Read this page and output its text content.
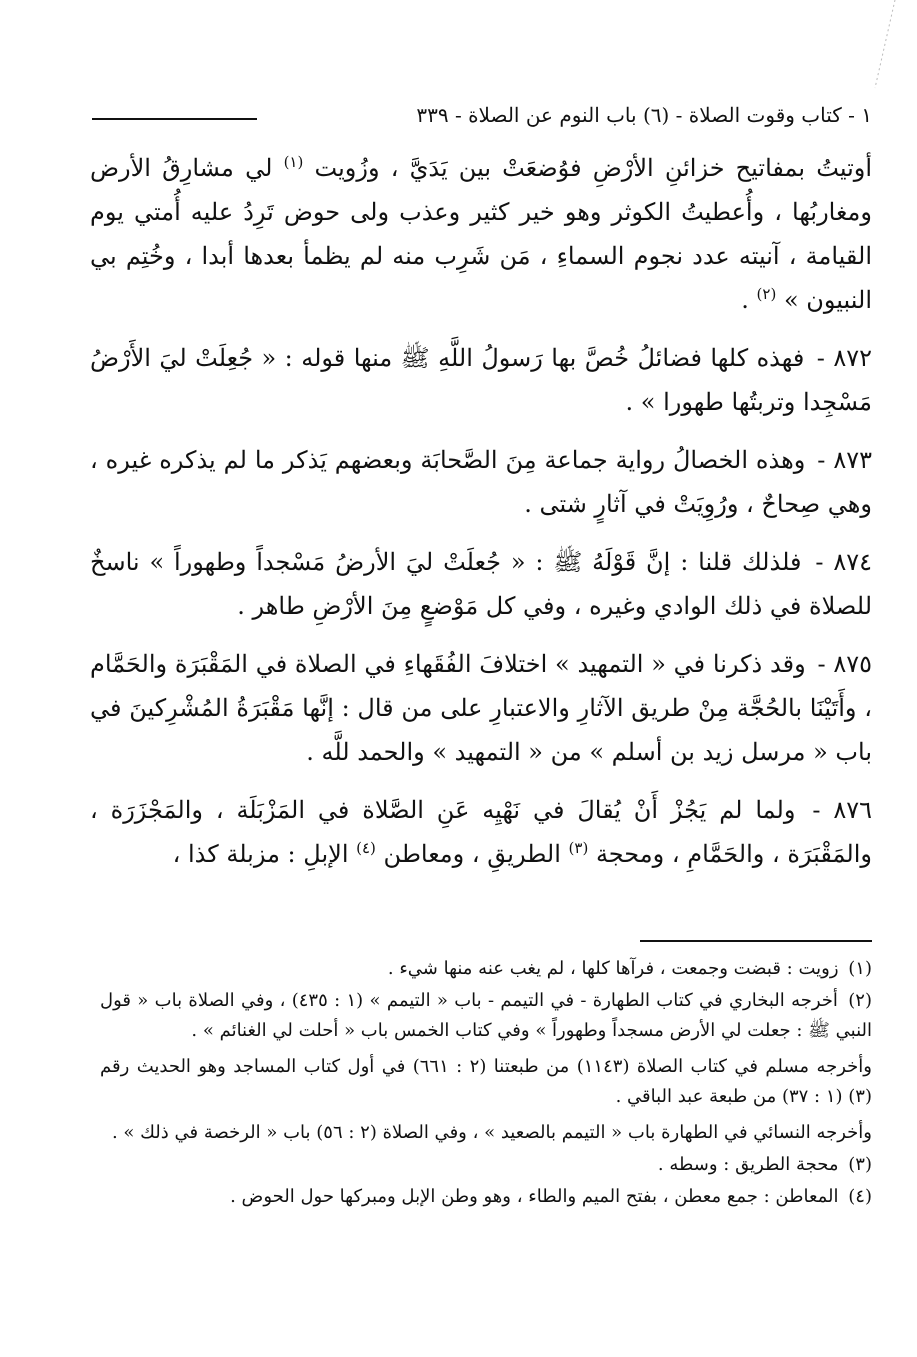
١ - كتاب وقوت الصلاة - (٦) باب النوم عن الصلاة - ٣٣٩

أوتيتُ بمفاتيح خزائنِ الأرْضِ فوُضعَتْ بين يَدَيَّ ، وزُويت $^{(١)}$ لي مشارِقُ الأرض ومغاربُها ، وأُعطيتُ الكوثر وهو خير كثير وعذب ولى حوض تَرِدُ عليه أُمتي يوم القيامة ، آنيته عدد نجوم السماءِ ، مَن شَرِب منه لم يظمأ بعدها أبدا ، وخُتِم بي النبيون » $^{(٢)}$ .

٨٧٢ - فهذه كلها فضائلُ خُصَّ بها رَسولُ اللَّهِ ﷺ منها قوله : « جُعِلَتْ ليَ الأَرْضُ مَسْجِدا وتربتُها طهورا » .

٨٧٣ - وهذه الخصالُ رواية جماعة مِنَ الصَّحابَة وبعضهم يَذكر ما لم يذكره غيره ، وهي صِحاحٌ ، ورُوِيَتْ في آثارٍ شتى .

٨٧٤ - فلذلك قلنا : إنَّ قَوْلَهُ ﷺ : « جُعلَتْ ليَ الأرضُ مَسْجداً وطهوراً » ناسخٌ للصلاة في ذلك الوادي وغيره ، وفي كل مَوْضعٍ مِنَ الأرْضِ طاهر .

٨٧٥ - وقد ذكرنا في « التمهيد » اختلافَ الفُقَهاءِ في الصلاة في المَقْبَرَة والحَمَّام ، وأَتَيْنَا بالحُجَّة مِنْ طريق الآثارِ والاعتبارِ على من قال : إنَّها مَقْبَرَةُ المُشْرِكينَ في باب « مرسل زيد بن أسلم » من « التمهيد » والحمد للَّه .

٨٧٦ - ولما لم يَجُزْ أَنْ يُقالَ في نَهْيِه عَنِ الصَّلاة في المَزْبَلَة ، والمَجْزَرَة ، والمَقْبَرَة ، والحَمَّامِ ، ومحجة $^{(٣)}$ الطريقِ ، ومعاطن $^{(٤)}$ الإبلِ : مزبلة كذا ،

(١) زويت : قبضت وجمعت ، فرآها كلها ، لم يغب عنه منها شيء .

(٢) أخرجه البخاري في كتاب الطهارة - في التيمم - باب « التيمم » (١ : ٤٣٥) ، وفي الصلاة باب « قول النبي ﷺ : جعلت لي الأرض مسجداً وطهوراً » وفي كتاب الخمس باب « أحلت لي الغنائم » .

وأخرجه مسلم في كتاب الصلاة (١١٤٣) من طبعتنا (٢ : ٦٦١) في أول كتاب المساجد وهو الحديث رقم (٣) (١ : ٣٧) من طبعة عبد الباقي .

وأخرجه النسائي في الطهارة باب « التيمم بالصعيد » ، وفي الصلاة (٢ : ٥٦) باب « الرخصة في ذلك » .

(٣) محجة الطريق : وسطه .

(٤) المعاطن : جمع معطن ، بفتح الميم والطاء ، وهو وطن الإبل ومبركها حول الحوض .
